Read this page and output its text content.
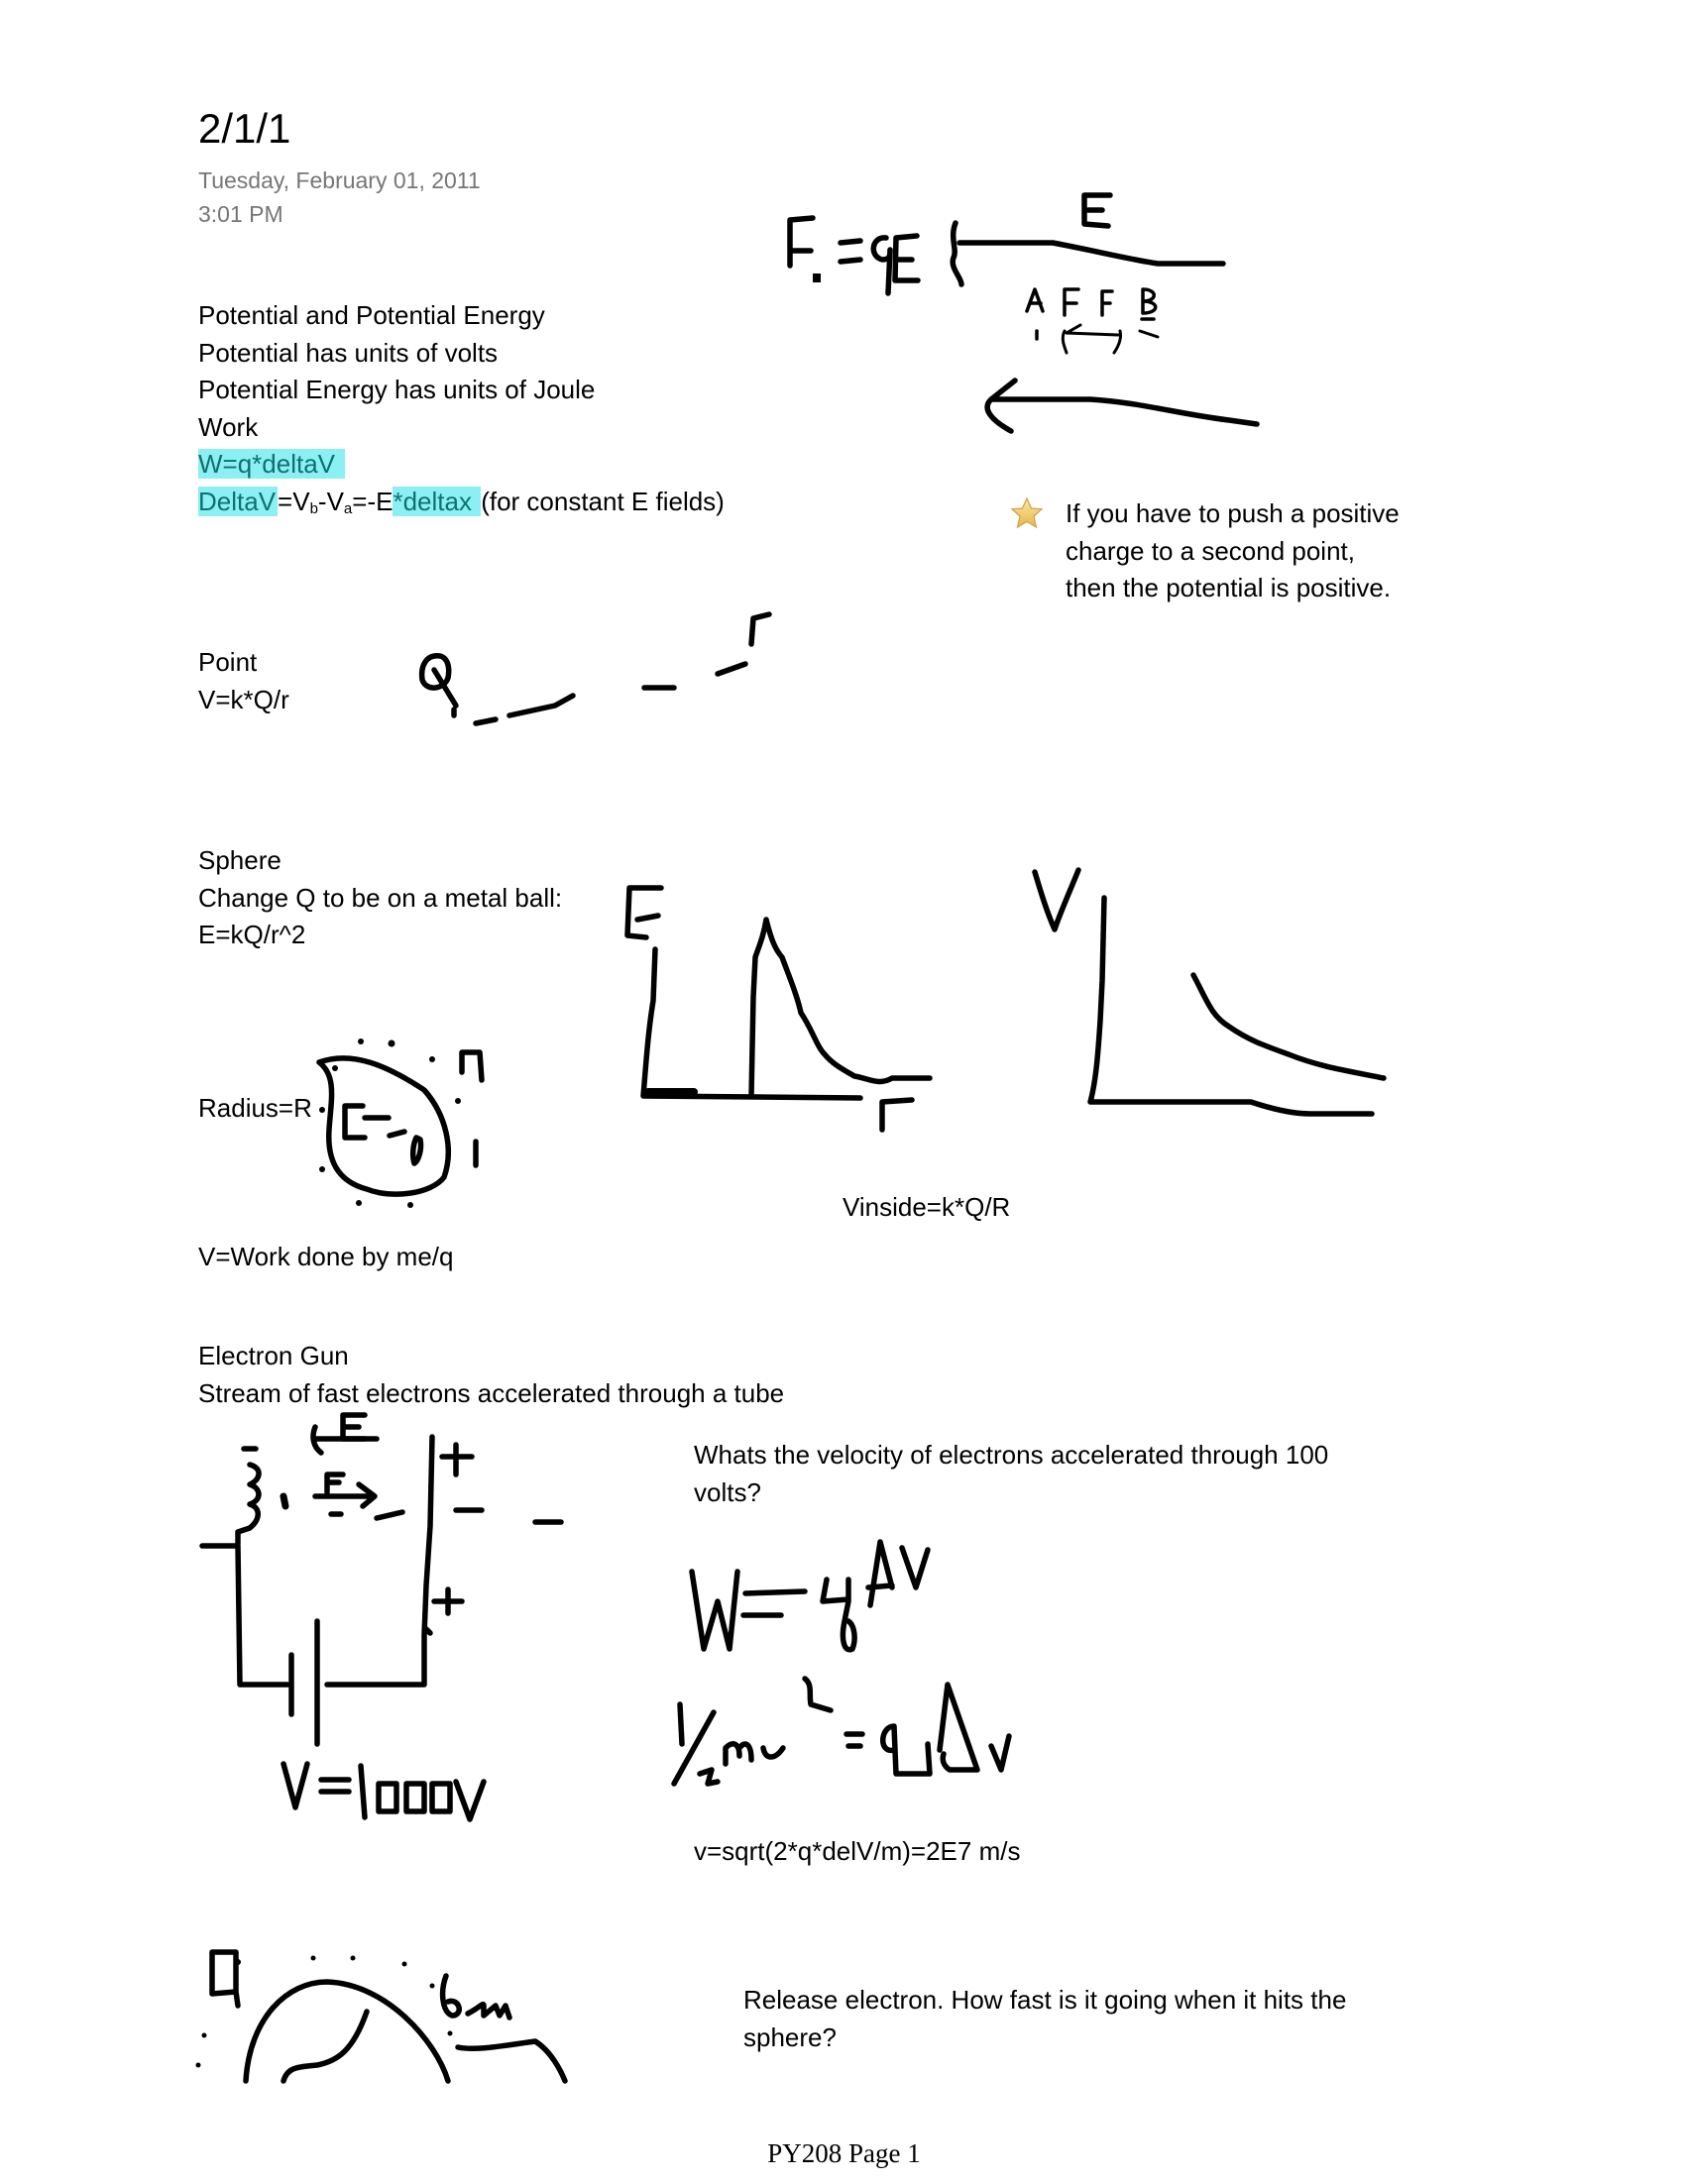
2/1/1
Tuesday, February 01, 2011
3:01 PM
Potential and Potential Energy
Potential has units of volts
Potential Energy has units of Joule
Work
W=q*deltaV
$DeltaV=V_b-V_a=-E*deltax$ (for constant E fields)	If you have to push a positive
charge to a second point,
then the potential is positive.
Point
V=k*Q/r
Sphere
Change Q to be on a metal ball:
E=kQ/r^2
Radius=R
Vinside=k*Q/R
V=Work done by me/q
Electron Gun
Stream of fast electrons accelerated through a tube
Whats the velocity of electrons accelerated through 100
volts?
v=sqrt(2*q*delV/m)=2E7 m/s
Release electron. How fast is it going when it hits the
sphere?
PY208 Page 1
